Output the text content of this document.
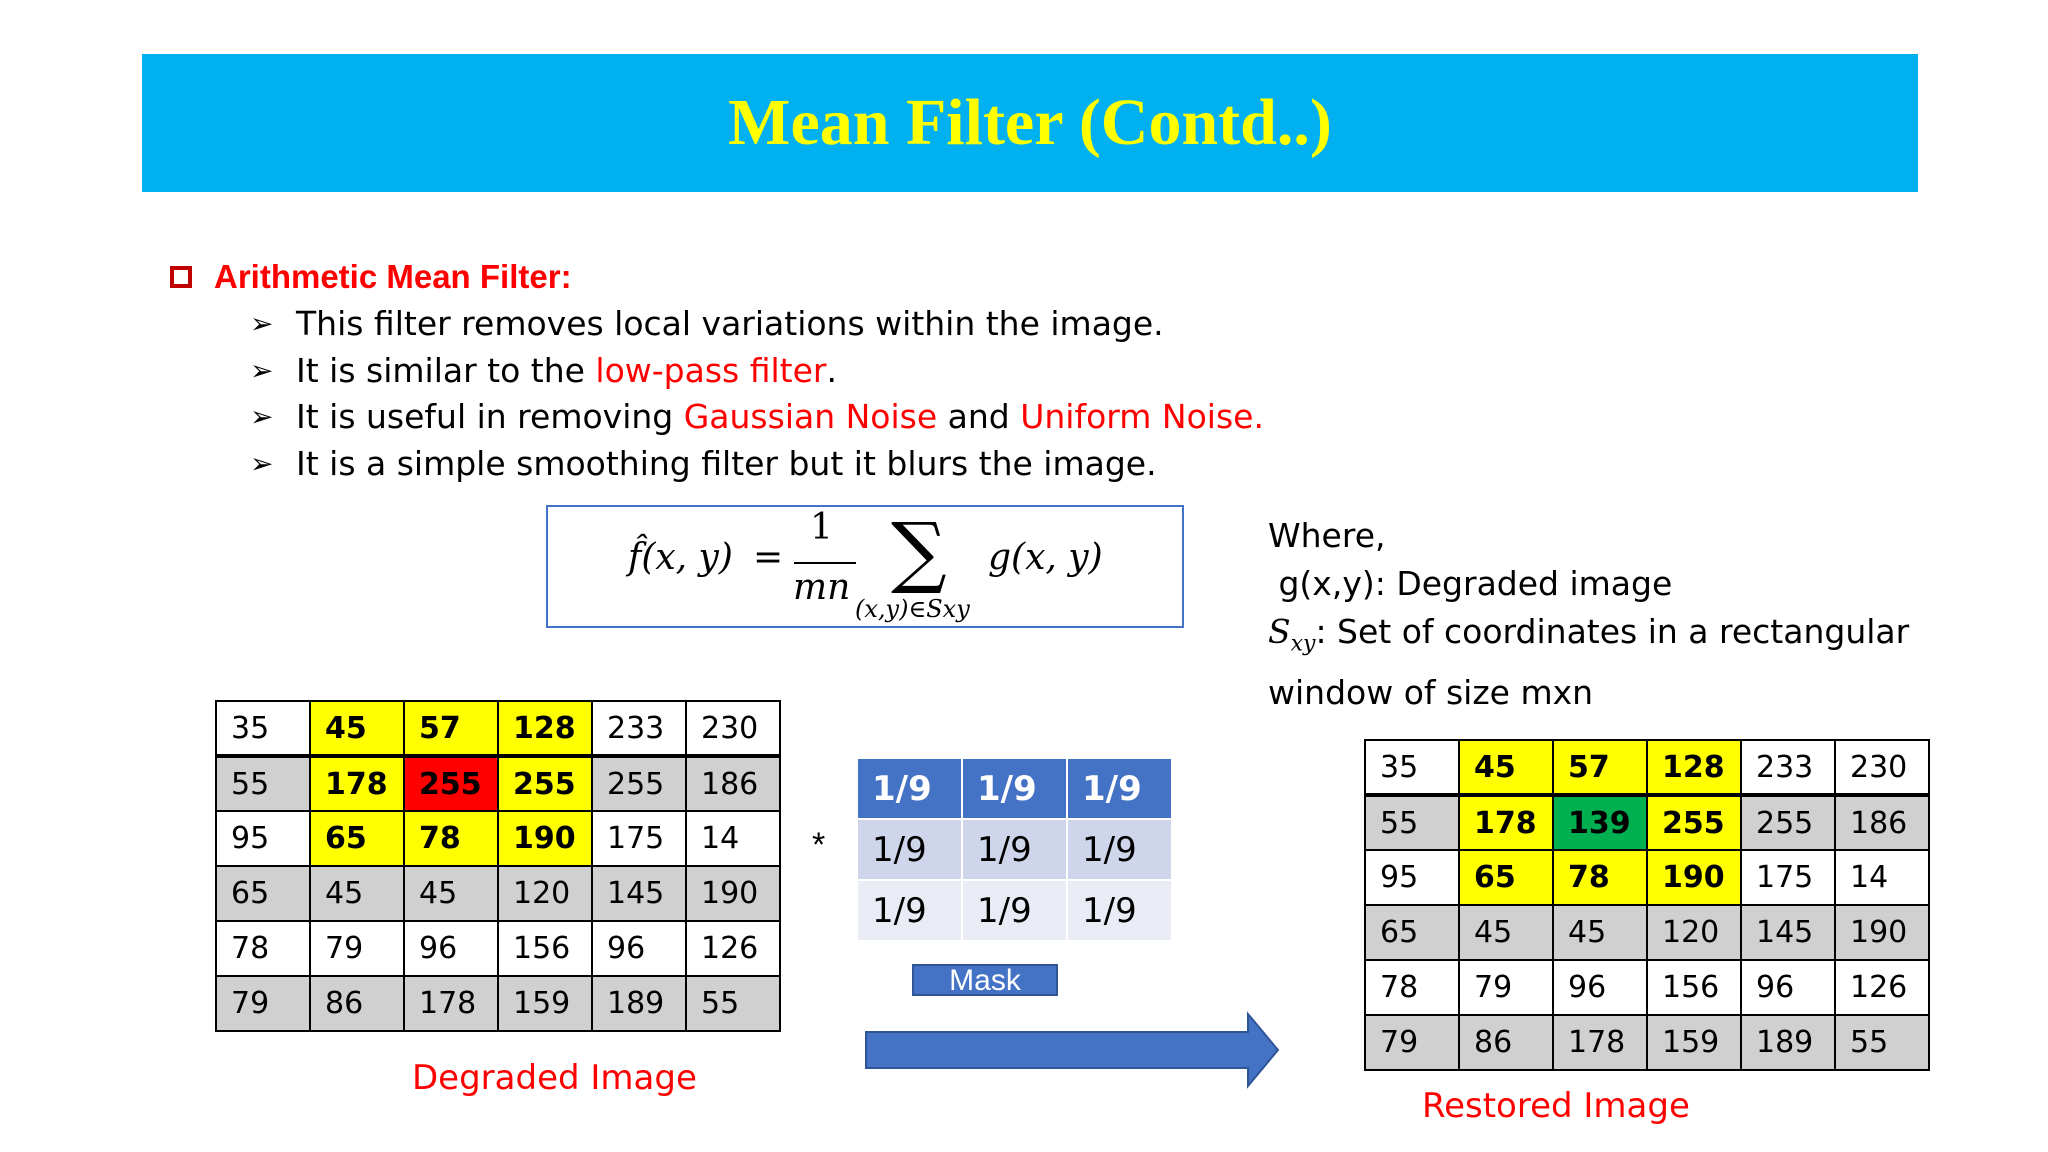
Mean Filter (Contd..)
Arithmetic Mean Filter:
➢ This filter removes local variations within the image.
➢ It is similar to the low-pass filter .
➢ It is useful in removing Gaussian Noise and Uniform Noise.
➢ It is a simple smoothing filter but it blurs the image.
f̂(x, y) =
1
mn ∑
(x,y)∈Sxy
g(x, y)
Where,
g(x,y): Degraded image
$S_{xy}$: Set of coordinates in a rectangular
window of size mxn
35	45	57	128	233	230
55	178	255	255	255	186
95	65	78	190	175	14
65	45	45	120	145	190
78	79	96	156	96	126
79	86	178	159	189	55
Degraded Image
*
1/9	1/9	1/9
1/9	1/9	1/9
1/9	1/9	1/9
Mask
35	45	57	128	233	230
55	178	139	255	255	186
95	65	78	190	175	14
65	45	45	120	145	190
78	79	96	156	96	126
79	86	178	159	189	55
Restored Image
